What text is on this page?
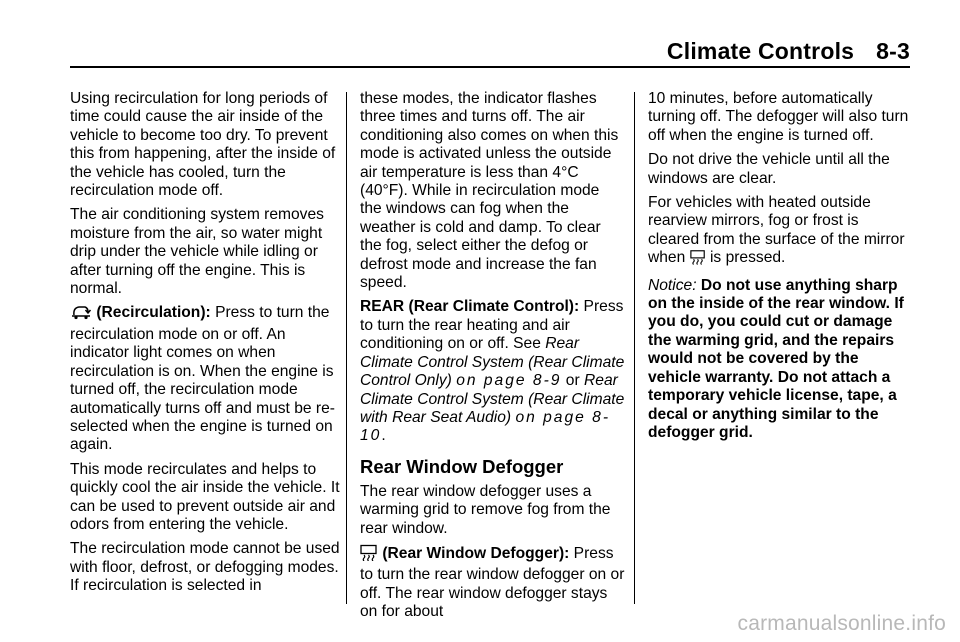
Climate Controls 8-3

Using recirculation for long periods of time could cause the air inside of the vehicle to become too dry. To prevent this from happening, after the inside of the vehicle has cooled, turn the recirculation mode off.

The air conditioning system removes moisture from the air, so water might drip under the vehicle while idling or after turning off the engine. This is normal.

(Recirculation): Press to turn the recirculation mode on or off. An indicator light comes on when recirculation is on. When the engine is turned off, the recirculation mode automatically turns off and must be re-selected when the engine is turned on again.

This mode recirculates and helps to quickly cool the air inside the vehicle. It can be used to prevent outside air and odors from entering the vehicle.

The recirculation mode cannot be used with floor, defrost, or defogging modes. If recirculation is selected in

these modes, the indicator flashes three times and turns off. The air conditioning also comes on when this mode is activated unless the outside air temperature is less than 4°C (40°F). While in recirculation mode the windows can fog when the weather is cold and damp. To clear the fog, select either the defog or defrost mode and increase the fan speed.

REAR (Rear Climate Control): Press to turn the rear heating and air conditioning on or off. See Rear Climate Control System (Rear Climate Control Only) on page 8-9 or Rear Climate Control System (Rear Climate with Rear Seat Audio) on page 8-10.

Rear Window Defogger

The rear window defogger uses a warming grid to remove fog from the rear window.

(Rear Window Defogger): Press to turn the rear window defogger on or off. The rear window defogger stays on for about

10 minutes, before automatically turning off. The defogger will also turn off when the engine is turned off.

Do not drive the vehicle until all the windows are clear.

For vehicles with heated outside rearview mirrors, fog or frost is cleared from the surface of the mirror when is pressed.

Notice: Do not use anything sharp on the inside of the rear window. If you do, you could cut or damage the warming grid, and the repairs would not be covered by the vehicle warranty. Do not attach a temporary vehicle license, tape, a decal or anything similar to the defogger grid.

carmanualsonline.info
